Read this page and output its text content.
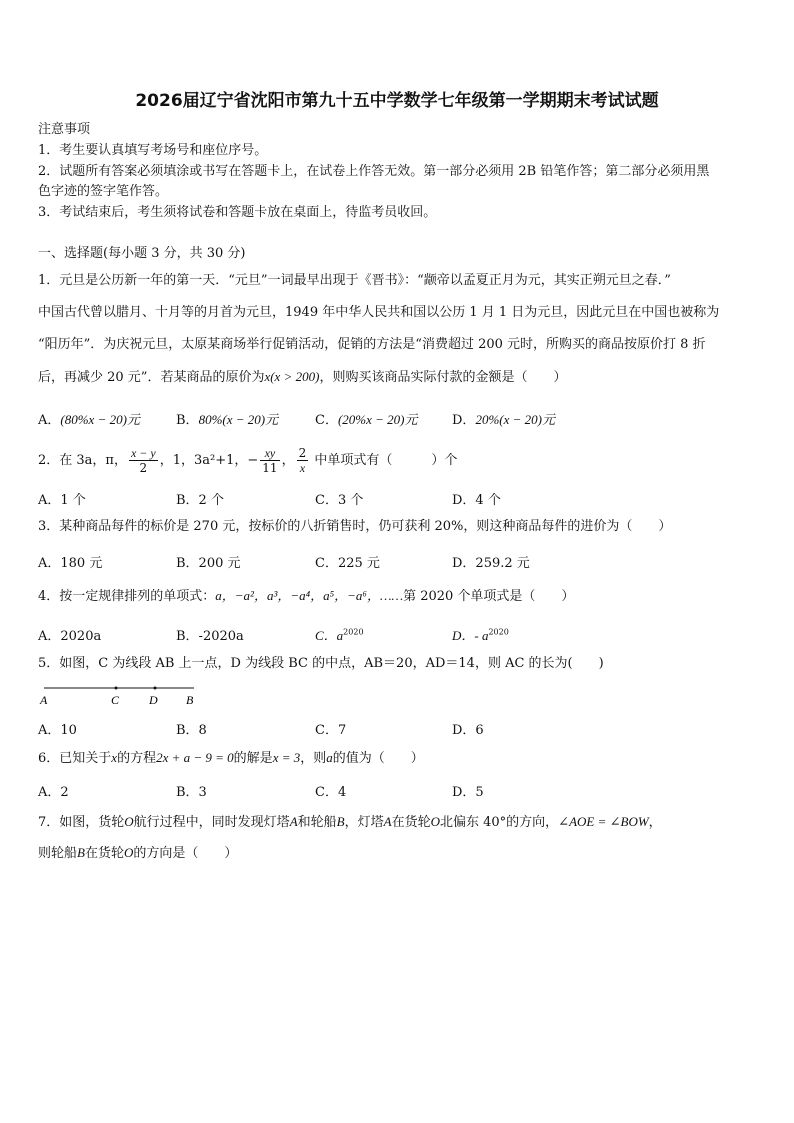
2026届辽宁省沈阳市第九十五中学数学七年级第一学期期末考试试题
注意事项
1．考生要认真填写考场号和座位序号。
2．试题所有答案必须填涂或书写在答题卡上，在试卷上作答无效。第一部分必须用 2B 铅笔作答；第二部分必须用黑
色字迹的签字笔作答。
3．考试结束后，考生须将试卷和答题卡放在桌面上，待监考员收回。
一、选择题(每小题 3 分，共 30 分)
1．元旦是公历新一年的第一天．“元旦”一词最早出现于《晋书》：“颛帝以孟夏正月为元，其实正朔元旦之春．”
中国古代曾以腊月、十月等的月首为元旦，1949 年中华人民共和国以公历 1 月 1 日为元旦，因此元旦在中国也被称为
“阳历年”．为庆祝元旦，太原某商场举行促销活动，促销的方法是“消费超过 200 元时，所购买的商品按原价打 8 折
后，再减少 20 元”．若某商品的原价为x(x > 200)，则购买该商品实际付款的金额是（　　）
A．(80%x − 20)元	B．80%(x − 20)元	C．(20%x − 20)元	D．20%(x − 20)元
2．在 3a，π， $\frac{x - y}{2}$ ，1，3a²+1，− $\frac{xy}{11}$ ， $\frac{2}{x}$ 中单项式有（　　　）个
A．1 个	B．2 个	C．3 个	D．4 个
3．某种商品每件的标价是 270 元，按标价的八折销售时，仍可获利 20%，则这种商品每件的进价为（　　）
A．180 元	B．200 元	C．225 元	D．259.2 元
4．按一定规律排列的单项式：a，−a²，a³，−a⁴，a⁵，−a⁶，……第 2020 个单项式是（　　）
A．2020a	B．-2020a	C．$a^{2020}$	D．- $a^{2020}$
5．如图，C 为线段 AB 上一点，D 为线段 BC 的中点，AB＝20，AD＝14，则 AC 的长为(　　)
A	C D B
A．10	B．8	C．7	D．6
6．已知关于x的方程2x + a − 9 = 0的解是x = 3，则a的值为（　　）
A．2	B．3	C．4	D．5
7．如图，货轮O航行过程中，同时发现灯塔A和轮船B，灯塔A在货轮O北偏东 40°的方向，∠AOE = ∠BOW，
则轮船B在货轮O的方向是（　　）
